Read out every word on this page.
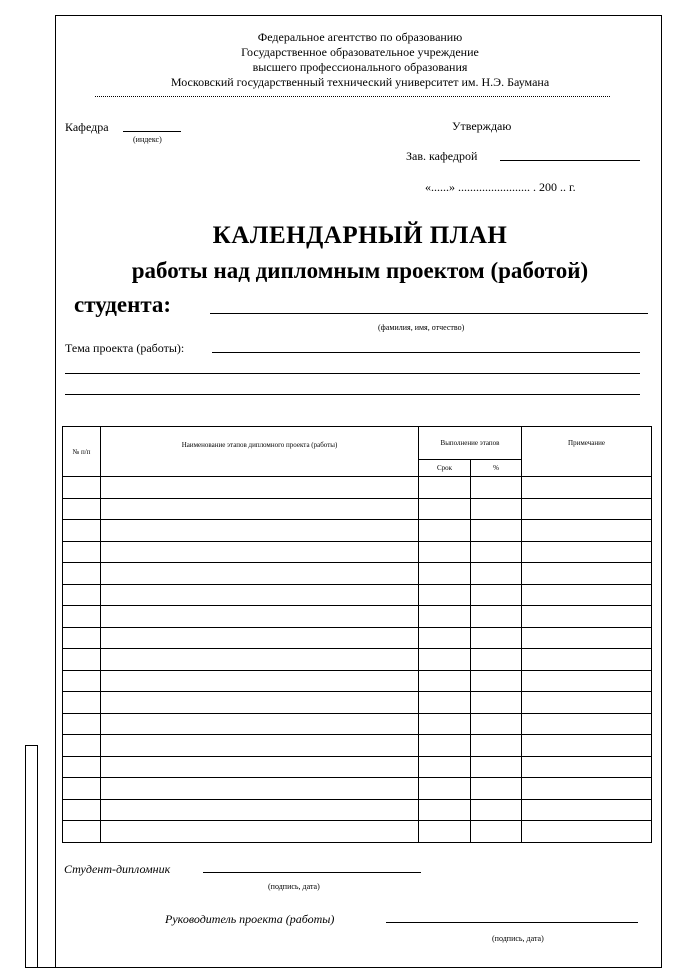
Федеральное агентство по образованию
Государственное образовательное учреждение
высшего профессионального образования
Московский государственный технический университет им. Н.Э. Баумана
Кафедра
(индекс)
Утверждаю
Зав. кафедрой
«......» ........................ . 200 .. г.
КАЛЕНДАРНЫЙ ПЛАН
работы над дипломным проектом (работой)
студента:
(фамилия, имя, отчество)
Тема проекта (работы):
№ п/п	Наименование этапов дипломного проекта (работы)	Выполнение этапов		Примечание
		Срок	%	

Студент-дипломник
(подпись, дата)
Руководитель проекта (работы)
(подпись, дата)
